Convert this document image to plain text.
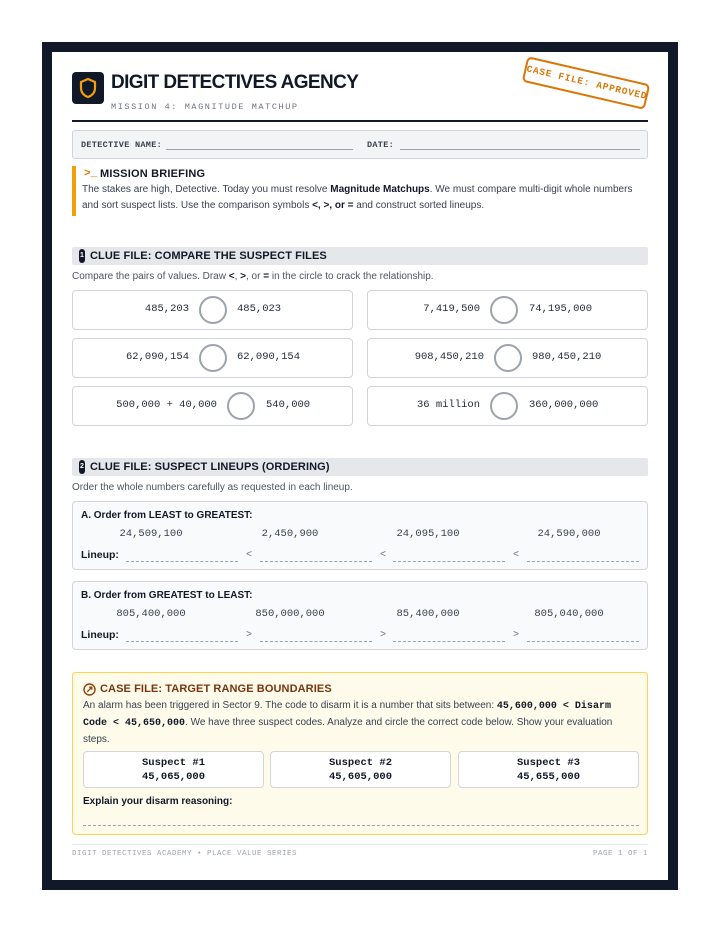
DIGIT DETECTIVES AGENCY
MISSION 4: MAGNITUDE MATCHUP
CASE FILE: APPROVED
DETECTIVE NAME:	DATE:
>_ MISSION BRIEFING
The stakes are high, Detective. Today you must resolve Magnitude Matchups. We must compare multi-digit whole numbers and sort suspect lists. Use the comparison symbols <, >, or = and construct sorted lineups.
1 CLUE FILE: COMPARE THE SUSPECT FILES
Compare the pairs of values. Draw <, >, or = in the circle to crack the relationship.
485,203	485,023	7,419,500	74,195,000
62,090,154	62,090,154	908,450,210	980,450,210
500,000 + 40,000	540,000	36 million	360,000,000
2 CLUE FILE: SUSPECT LINEUPS (ORDERING)
Order the whole numbers carefully as requested in each lineup.
A. Order from LEAST to GREATEST:
24,509,100	2,450,900	24,095,100	24,590,000
Lineup:	<	<	<
B. Order from GREATEST to LEAST:
805,400,000	850,000,000	85,400,000	805,040,000
Lineup:	>	>	>
CASE FILE: TARGET RANGE BOUNDARIES
An alarm has been triggered in Sector 9. The code to disarm it is a number that sits between: 45,600,000 < Disarm Code < 45,650,000. We have three suspect codes. Analyze and circle the correct code below. Show your evaluation steps.
Suspect #1
45,065,000
Suspect #2
45,605,000
Suspect #3
45,655,000
Explain your disarm reasoning:
DIGIT DETECTIVES ACADEMY • PLACE VALUE SERIES	PAGE 1 OF 1
